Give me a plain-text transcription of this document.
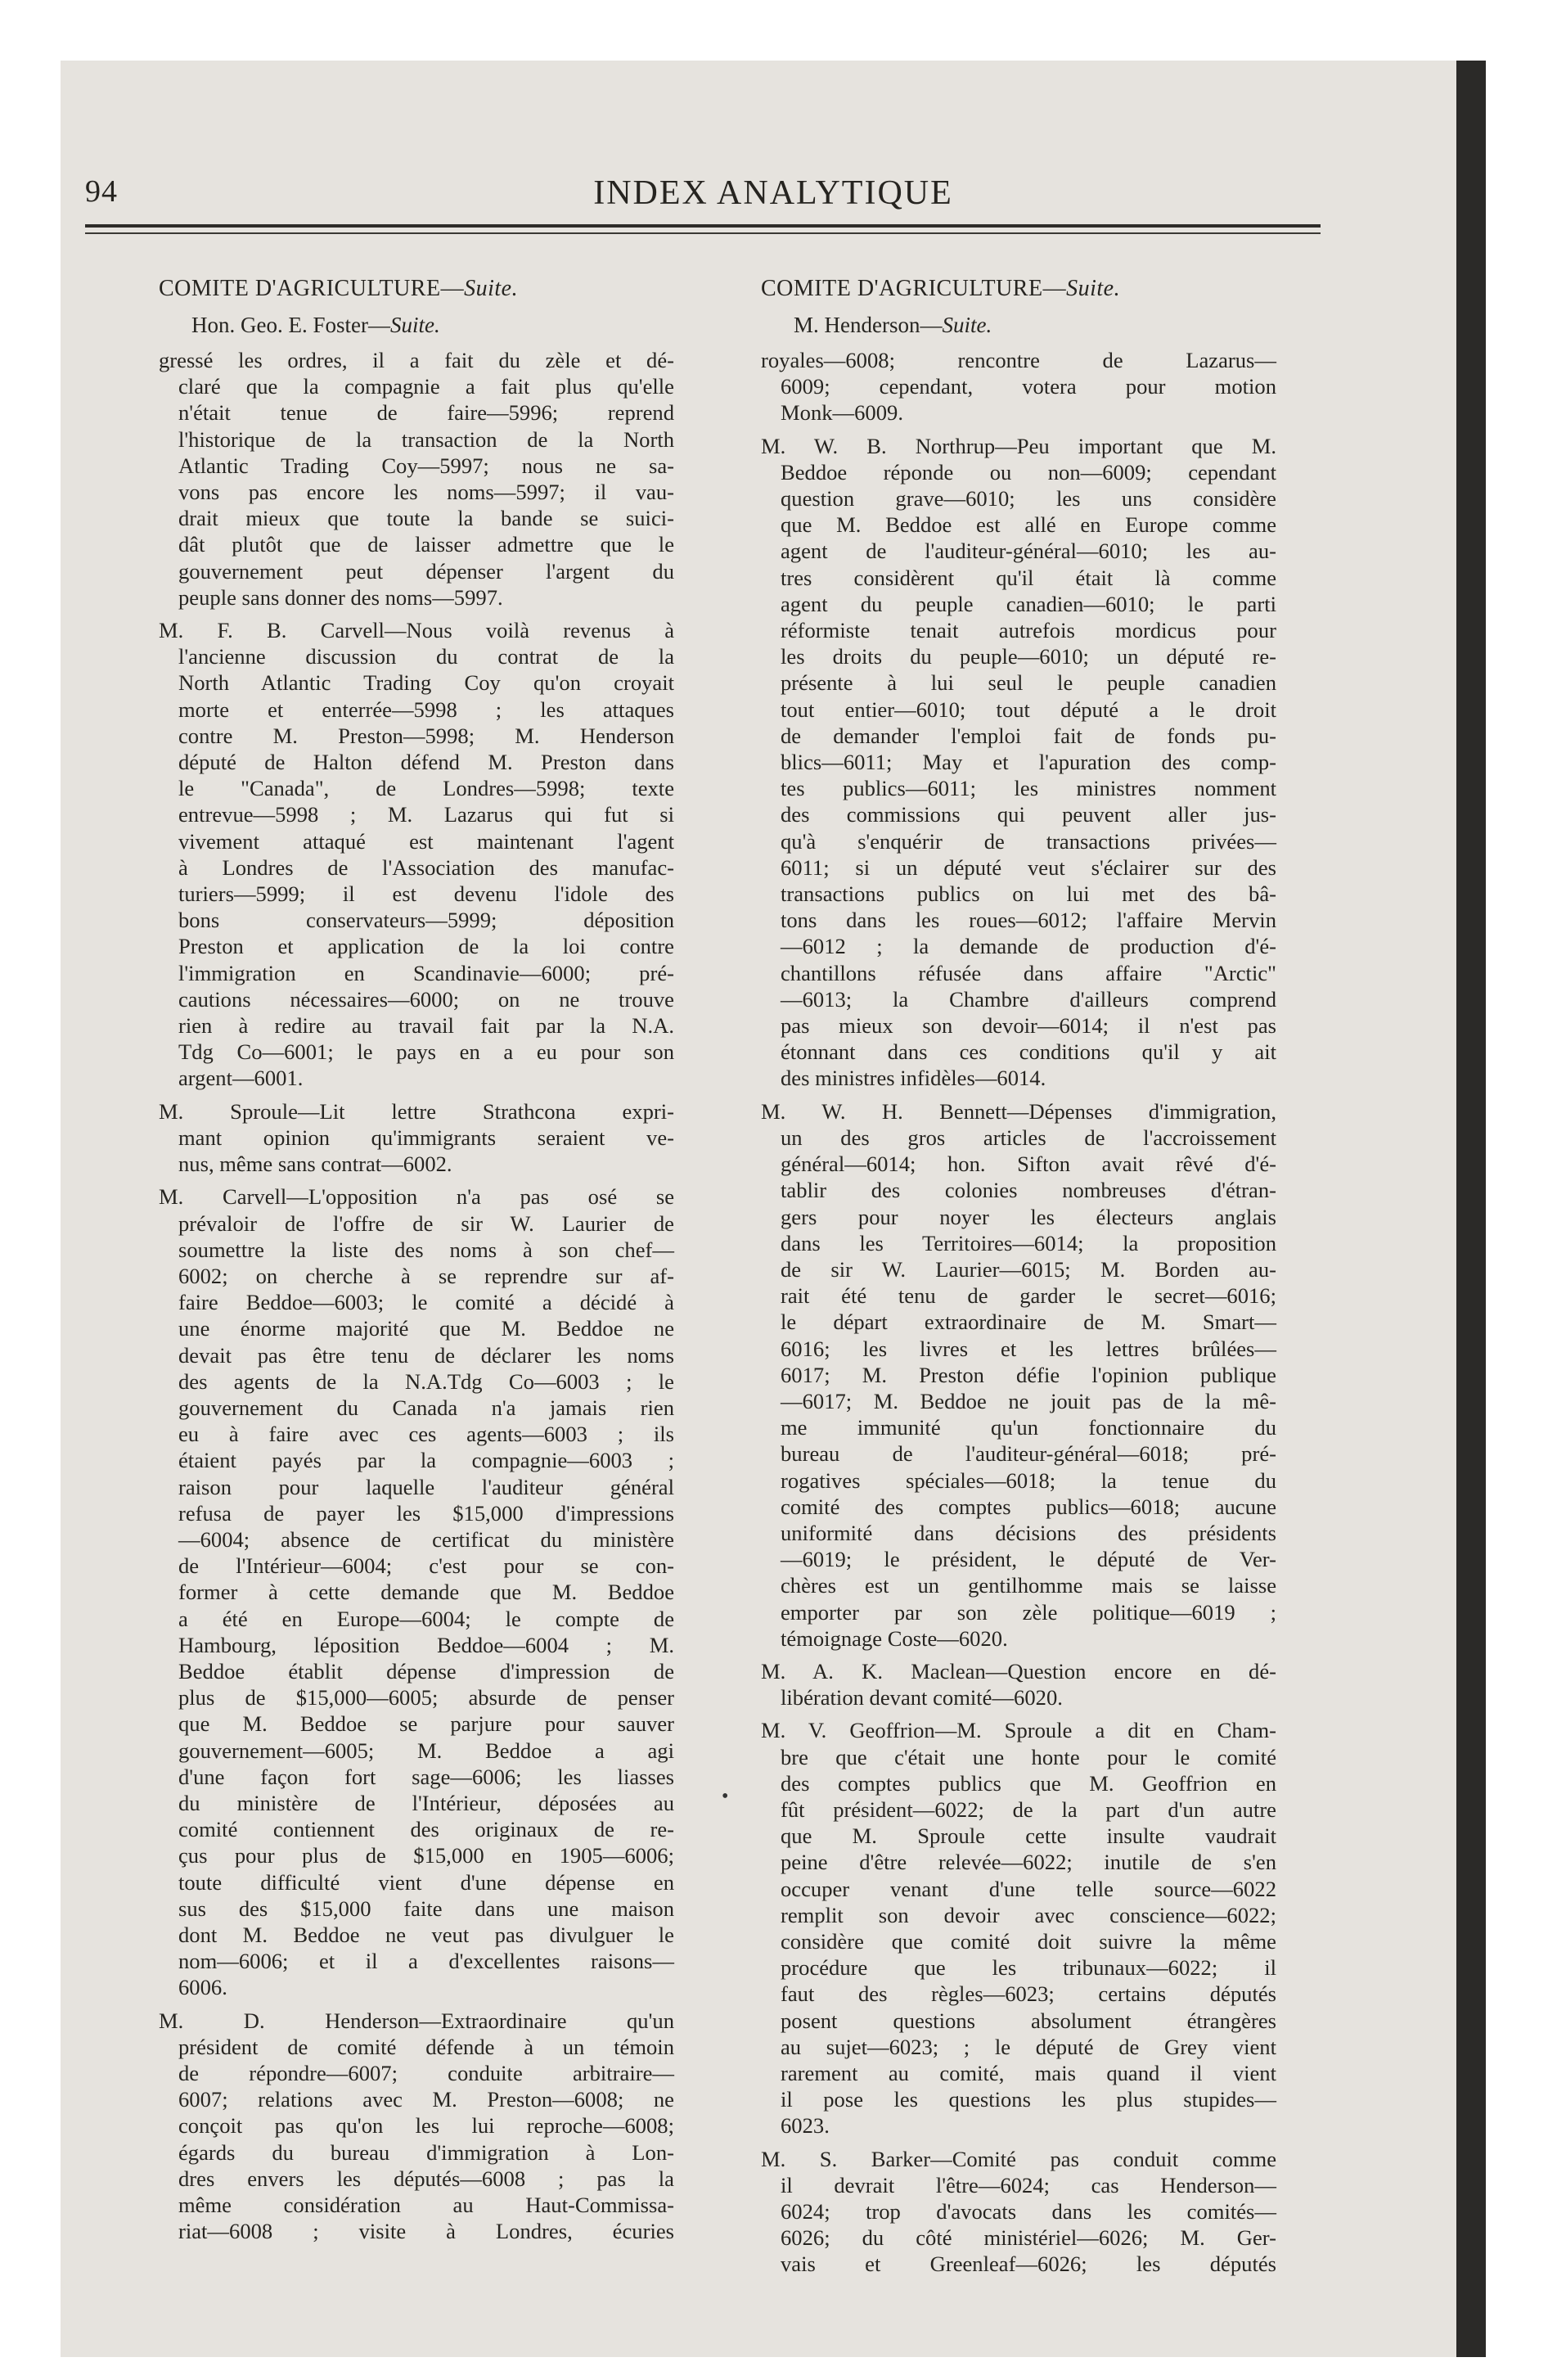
94	INDEX ANALYTIQUE
COMITE D'AGRICULTURE—Suite.
Hon. Geo. E. Foster—Suite.
gressé les ordres, il a fait du zèle et dé-
claré que la compagnie a fait plus qu'elle
n'était tenue de faire—5996; reprend
l'historique de la transaction de la North
Atlantic Trading Coy—5997; nous ne sa-
vons pas encore les noms—5997; il vau-
drait mieux que toute la bande se suici-
dât plutôt que de laisser admettre que le
gouvernement peut dépenser l'argent du
peuple sans donner des noms—5997.
M. F. B. Carvell—Nous voilà revenus à
l'ancienne discussion du contrat de la
North Atlantic Trading Coy qu'on croyait
morte et enterrée—5998 ; les attaques
contre M. Preston—5998; M. Henderson
député de Halton défend M. Preston dans
le "Canada", de Londres—5998; texte
entrevue—5998 ; M. Lazarus qui fut si
vivement attaqué est maintenant l'agent
à Londres de l'Association des manufac-
turiers—5999; il est devenu l'idole des
bons conservateurs—5999; déposition
Preston et application de la loi contre
l'immigration en Scandinavie—6000; pré-
cautions nécessaires—6000; on ne trouve
rien à redire au travail fait par la N.A.
Tdg Co—6001; le pays en a eu pour son
argent—6001.
M. Sproule—Lit lettre Strathcona expri-
mant opinion qu'immigrants seraient ve-
nus, même sans contrat—6002.
M. Carvell—L'opposition n'a pas osé se
prévaloir de l'offre de sir W. Laurier de
soumettre la liste des noms à son chef—
6002; on cherche à se reprendre sur af-
faire Beddoe—6003; le comité a décidé à
une énorme majorité que M. Beddoe ne
devait pas être tenu de déclarer les noms
des agents de la N.A.Tdg Co—6003 ; le
gouvernement du Canada n'a jamais rien
eu à faire avec ces agents—6003 ; ils
étaient payés par la compagnie—6003 ;
raison pour laquelle l'auditeur général
refusa de payer les $15,000 d'impressions
—6004; absence de certificat du ministère
de l'Intérieur—6004; c'est pour se con-
former à cette demande que M. Beddoe
a été en Europe—6004; le compte de
Hambourg, léposition Beddoe—6004 ; M.
Beddoe établit dépense d'impression de
plus de $15,000—6005; absurde de penser
que M. Beddoe se parjure pour sauver
gouvernement—6005; M. Beddoe a agi
d'une façon fort sage—6006; les liasses
du ministère de l'Intérieur, déposées au
comité contiennent des originaux de re-
çus pour plus de $15,000 en 1905—6006;
toute difficulté vient d'une dépense en
sus des $15,000 faite dans une maison
dont M. Beddoe ne veut pas divulguer le
nom—6006; et il a d'excellentes raisons—
6006.
M. D. Henderson—Extraordinaire qu'un
président de comité défende à un témoin
de répondre—6007; conduite arbitraire—
6007; relations avec M. Preston—6008; ne
conçoit pas qu'on les lui reproche—6008;
égards du bureau d'immigration à Lon-
dres envers les députés—6008 ; pas la
même considération au Haut-Commissa-
riat—6008 ; visite à Londres, écuries
COMITE D'AGRICULTURE—Suite.
M. Henderson—Suite.
royales—6008; rencontre de Lazarus—
6009; cependant, votera pour motion
Monk—6009.
M. W. B. Northrup—Peu important que M.
Beddoe réponde ou non—6009; cependant
question grave—6010; les uns considère
que M. Beddoe est allé en Europe comme
agent de l'auditeur-général—6010; les au-
tres considèrent qu'il était là comme
agent du peuple canadien—6010; le parti
réformiste tenait autrefois mordicus pour
les droits du peuple—6010; un député re-
présente à lui seul le peuple canadien
tout entier—6010; tout député a le droit
de demander l'emploi fait de fonds pu-
blics—6011; May et l'apuration des comp-
tes publics—6011; les ministres nomment
des commissions qui peuvent aller jus-
qu'à s'enquérir de transactions privées—
6011; si un député veut s'éclairer sur des
transactions publics on lui met des bâ-
tons dans les roues—6012; l'affaire Mervin
—6012 ; la demande de production d'é-
chantillons réfusée dans affaire "Arctic"
—6013; la Chambre d'ailleurs comprend
pas mieux son devoir—6014; il n'est pas
étonnant dans ces conditions qu'il y ait
des ministres infidèles—6014.
M. W. H. Bennett—Dépenses d'immigration,
un des gros articles de l'accroissement
général—6014; hon. Sifton avait rêvé d'é-
tablir des colonies nombreuses d'étran-
gers pour noyer les électeurs anglais
dans les Territoires—6014; la proposition
de sir W. Laurier—6015; M. Borden au-
rait été tenu de garder le secret—6016;
le départ extraordinaire de M. Smart—
6016; les livres et les lettres brûlées—
6017; M. Preston défie l'opinion publique
—6017; M. Beddoe ne jouit pas de la mê-
me immunité qu'un fonctionnaire du
bureau de l'auditeur-général—6018; pré-
rogatives spéciales—6018; la tenue du
comité des comptes publics—6018; aucune
uniformité dans décisions des présidents
—6019; le président, le député de Ver-
chères est un gentilhomme mais se laisse
emporter par son zèle politique—6019 ;
témoignage Coste—6020.
M. A. K. Maclean—Question encore en dé-
libération devant comité—6020.
M. V. Geoffrion—M. Sproule a dit en Cham-
bre que c'était une honte pour le comité
des comptes publics que M. Geoffrion en
fût président—6022; de la part d'un autre
que M. Sproule cette insulte vaudrait
peine d'être relevée—6022; inutile de s'en
occuper venant d'une telle source—6022
remplit son devoir avec conscience—6022;
considère que comité doit suivre la même
procédure que les tribunaux—6022; il
faut des règles—6023; certains députés
posent questions absolument étrangères
au sujet—6023; ; le député de Grey vient
rarement au comité, mais quand il vient
il pose les questions les plus stupides—
6023.
M. S. Barker—Comité pas conduit comme
il devrait l'être—6024; cas Henderson—
6024; trop d'avocats dans les comités—
6026; du côté ministériel—6026; M. Ger-
vais et Greenleaf—6026; les députés
•
